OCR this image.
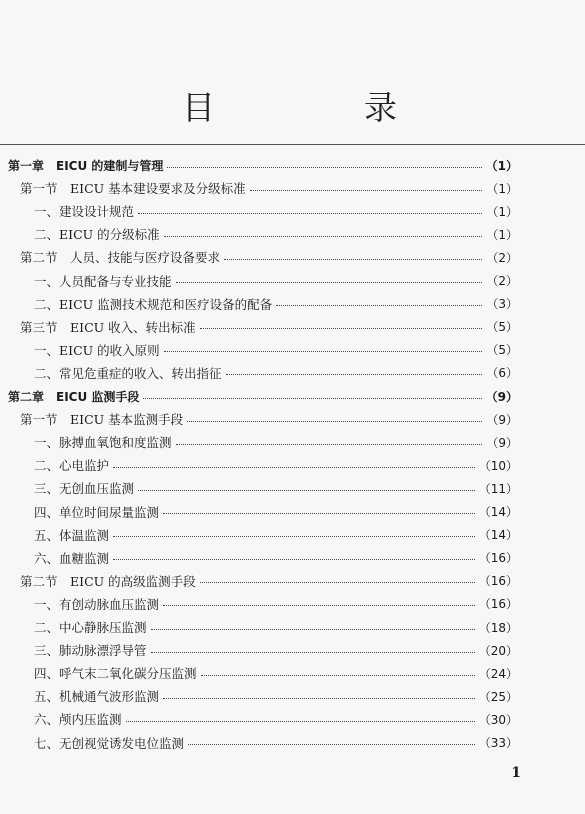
目　录
第一章　EICU 的建制与管理	（1）
第一节　EICU 基本建设要求及分级标准	（1）
一、建设设计规范	（1）
二、EICU 的分级标准	（1）
第二节　人员、技能与医疗设备要求	（2）
一、人员配备与专业技能	（2）
二、EICU 监测技术规范和医疗设备的配备	（3）
第三节　EICU 收入、转出标准	（5）
一、EICU 的收入原则	（5）
二、常见危重症的收入、转出指征	（6）
第二章　EICU 监测手段	（9）
第一节　EICU 基本监测手段	（9）
一、脉搏血氧饱和度监测	（9）
二、心电监护	（10）
三、无创血压监测	（11）
四、单位时间尿量监测	（14）
五、体温监测	（14）
六、血糖监测	（16）
第二节　EICU 的高级监测手段	（16）
一、有创动脉血压监测	（16）
二、中心静脉压监测	（18）
三、肺动脉漂浮导管	（20）
四、呼气末二氧化碳分压监测	（24）
五、机械通气波形监测	（25）
六、颅内压监测	（30）
七、无创视觉诱发电位监测	（33）
1
